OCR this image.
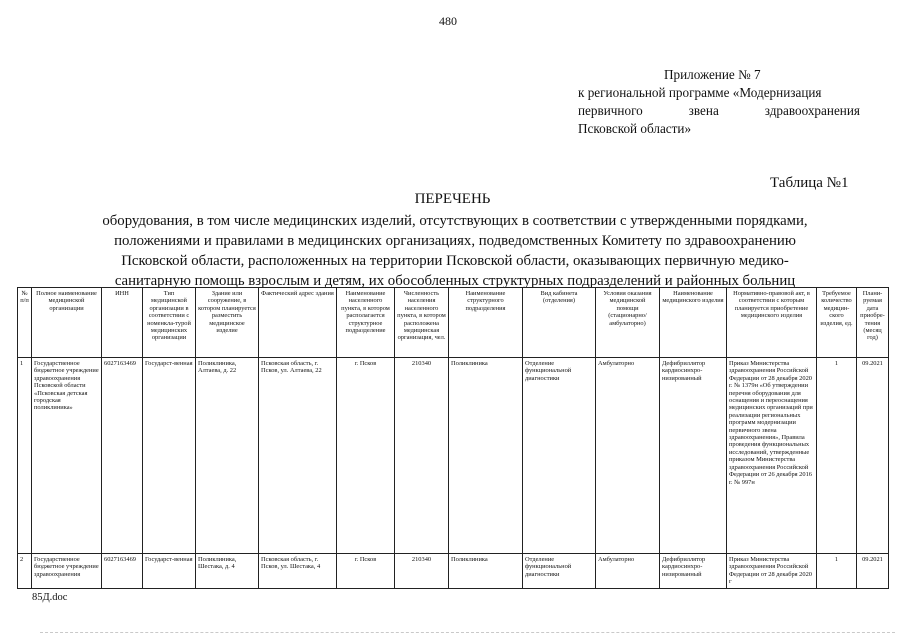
480
Приложение № 7
к региональной программе «Модернизация
первичного	звена	здравоохранения
Псковской области»
Таблица №1
ПЕРЕЧЕНЬ
оборудования, в том числе медицинских изделий, отсутствующих в соответствии с утвержденными порядками,
положениями и правилами в медицинских организациях, подведомственных Комитету по здравоохранению
Псковской области, расположенных на территории Псковской области, оказывающих первичную медико-
санитарную помощь взрослым и детям, их обособленных структурных подразделений и районных больниц
№ п/п	Полное наименование медицинской организации	ИНН	Тип медицинской организации в соответствии с номенкла-турой медицинских организации	Здание или сооружение, в котором планируется разместить медицинское изделие	Фактический адрес здания	Наименование населенного пункта, в котором располагается структурное подразделение	Численность населения населенного пункта, в котором расположена медицинская организация, чел.	Наименование структурного подразделения	Вид кабинета (отделения)	Условия оказания медицинской помощи (стационарно/амбулаторно)	Наименование медицинского изделия	Нормативно-правовой акт, в соответствии с которым планируется приобретение медицинского изделия	Требуемое количество медицин-ского изделия, ед.	Плани-руемая дата приобре-тения (месяц год)
1	Государственное бюджетное учреждение здравоохранения Псковской области «Псковская детская городская поликлиника»	6027163469	Государст-венная	Поликлиника, Алтаева, д. 22	Псковская область, г. Псков, ул. Алтаева, 22	г. Псков	210340	Поликлиника	Отделение функциональной диагностики	Амбулаторно	Дефибриллятор кардиосинхро-низированный	Приказ Министерства здравоохранения Российской Федерации от 28 декабря 2020 г. № 1379н «Об утверждении перечня оборудования для оснащения и переоснащения медицинских организаций при реализации региональных программ модернизации первичного звена здравоохранения», Правила проведения функциональных исследований, утвержденные приказом Министерства здравоохранения Российской Федерации от 26 декабря 2016 г. № 997н	1	09.2021
2	Государственное бюджетное учреждение здравоохранения	6027163469	Государст-венная	Поликлиника, Шестака, д. 4	Псковская область, г. Псков, ул. Шестака, 4	г. Псков	210340	Поликлиника	Отделение функциональной диагностики	Амбулаторно	Дефибриллятор кардиосинхро-низированный	Приказ Министерства здравоохранения Российской Федерации от 28 декабря 2020 г	1	09.2021
85Д.doc
